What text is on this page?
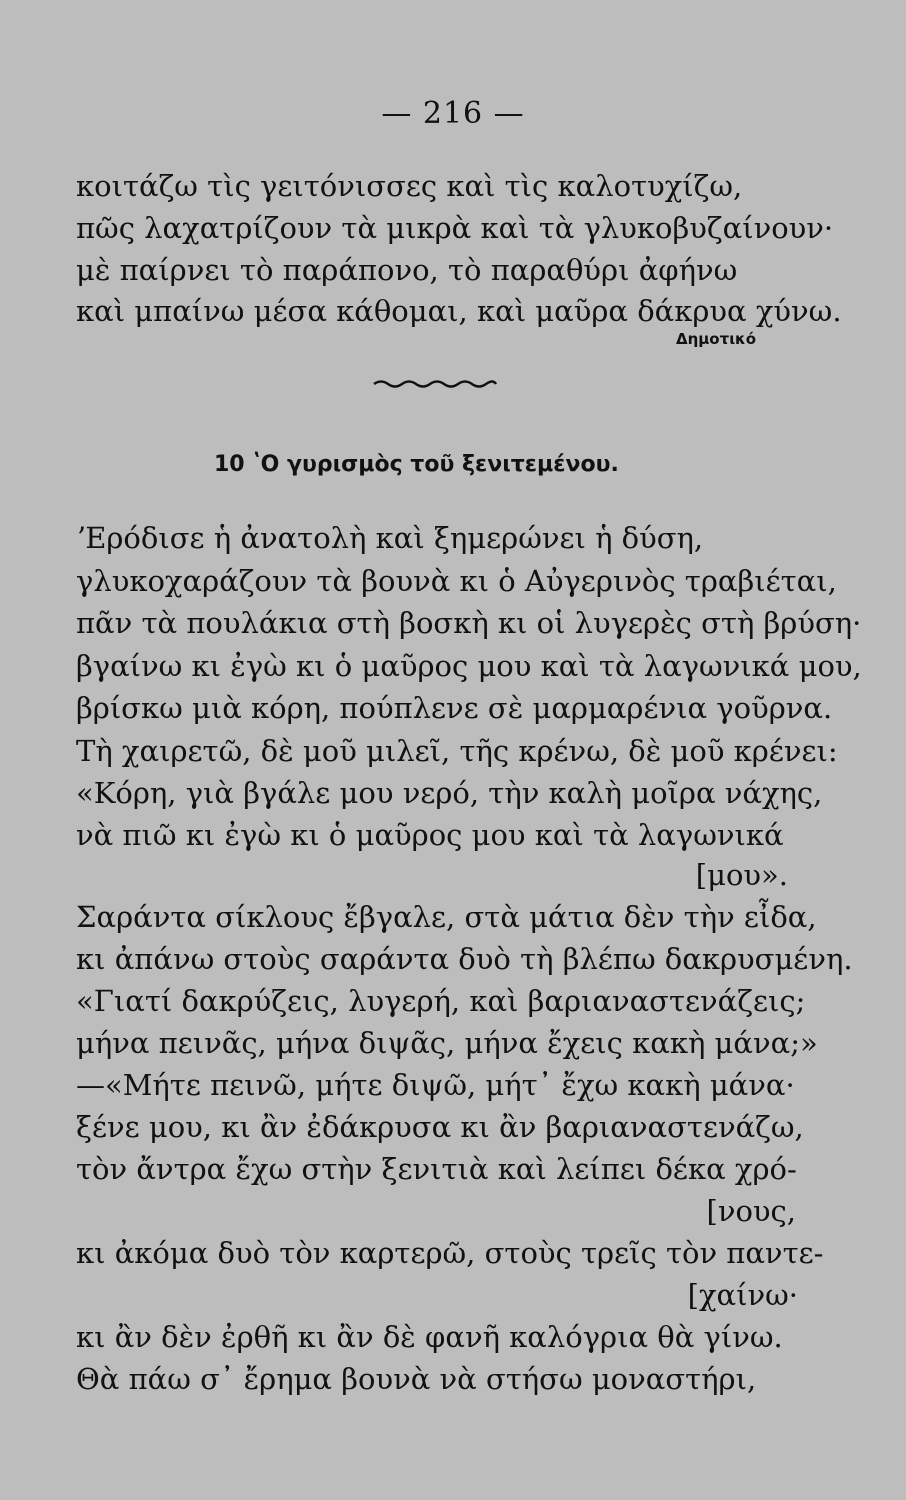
— 216 —
κοιτάζω τὶς γειτόνισσες καὶ τὶς καλοτυχίζω,
πῶς λαχατρίζουν τὰ μικρὰ καὶ τὰ γλυκοβυζαίνουν·
μὲ παίρνει τὸ παράπονο, τὸ παραθύρι ἀφήνω
καὶ μπαίνω μέσα κάθομαι, καὶ μαῦρα δάκρυα χύνω.
Δημοτικό
10 ʽΟ γυρισμὸς τοῦ ξενιτεμένου.
ʼΕρόδισε ἡ ἀνατολὴ καὶ ξημερώνει ἡ δύση,
γλυκοχαράζουν τὰ βουνὰ κι ὁ Αὐγερινὸς τραβιέται,
πᾶν τὰ πουλάκια στὴ βοσκὴ κι οἱ λυγερὲς στὴ βρύση·
βγαίνω κι ἐγὼ κι ὁ μαῦρος μου καὶ τὰ λαγωνικά μου,
βρίσκω μιὰ κόρη, πούπλενε σὲ μαρμαρένια γοῦρνα.
Τὴ χαιρετῶ, δὲ μοῦ μιλεῖ, τῆς κρένω, δὲ μοῦ κρένει:
«Κόρη, γιὰ βγάλε μου νερό, τὴν καλὴ μοῖρα νάχης,
νὰ πιῶ κι ἐγὼ κι ὁ μαῦρος μου καὶ τὰ λαγωνικά
[μου».
Σαράντα σίκλους ἔβγαλε, στὰ μάτια δὲν τὴν εἶδα,
κι ἀπάνω στοὺς σαράντα δυὸ τὴ βλέπω δακρυσμένη.
«Γιατί δακρύζεις, λυγερή, καὶ βαριαναστενάζεις;
μήνα πεινᾶς, μήνα διψᾶς, μήνα ἔχεις κακὴ μάνα;»
—«Μήτε πεινῶ, μήτε διψῶ, μήτ᾽ ἔχω κακὴ μάνα·
ξένε μου, κι ἂν ἐδάκρυσα κι ἂν βαριαναστενάζω,
τὸν ἄντρα ἔχω στὴν ξενιτιὰ καὶ λείπει δέκα χρό-
[νους,
κι ἀκόμα δυὸ τὸν καρτερῶ, στοὺς τρεῖς τὸν παντε-
[χαίνω·
κι ἂν δὲν ἐρθῆ κι ἂν δὲ φανῆ καλόγρια θὰ γίνω.
Θὰ πάω σ᾽ ἔρημα βουνὰ νὰ στήσω μοναστήρι,
